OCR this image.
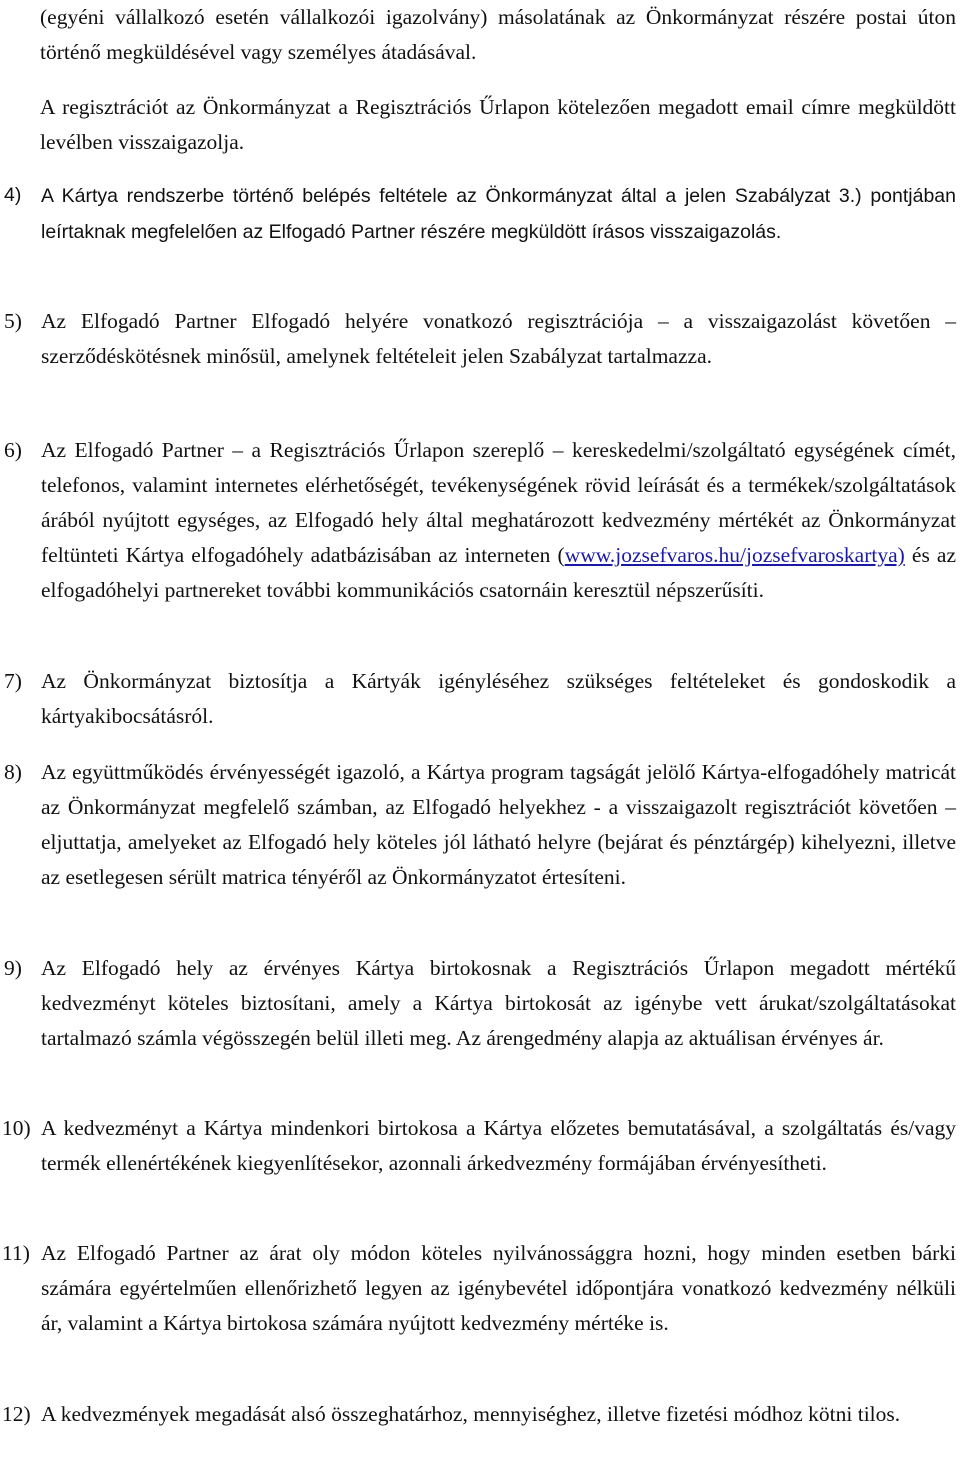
(egyéni vállalkozó esetén vállalkozói igazolvány) másolatának az Önkormányzat részére postai úton történő megküldésével vagy személyes átadásával.

A regisztrációt az Önkormányzat a Regisztrációs Űrlapon kötelezően megadott email címre megküldött levélben visszaigazolja.

4) A Kártya rendszerbe történő belépés feltétele az Önkormányzat által a jelen Szabályzat 3.) pontjában leírtaknak megfelelően az Elfogadó Partner részére megküldött írásos visszaigazolás.
5) Az Elfogadó Partner Elfogadó helyére vonatkozó regisztrációja – a visszaigazolást követően – szerződéskötésnek minősül, amelynek feltételeit jelen Szabályzat tartalmazza.
6) Az Elfogadó Partner – a Regisztrációs Űrlapon szereplő – kereskedelmi/szolgáltató egységének címét, telefonos, valamint internetes elérhetőségét, tevékenységének rövid leírását és a termékek/szolgáltatások árából nyújtott egységes, az Elfogadó hely által meghatározott kedvezmény mértékét az Önkormányzat feltünteti Kártya elfogadóhely adatbázisában az interneten (www.jozsefvaros.hu/jozsefvaroskartya) és az elfogadóhelyi partnereket további kommunikációs csatornáin keresztül népszerűsíti.
7) Az Önkormányzat biztosítja a Kártyák igényléséhez szükséges feltételeket és gondoskodik a kártyakibocsátásról.
8) Az együttműködés érvényességét igazoló, a Kártya program tagságát jelölő Kártya-elfogadóhely matricát az Önkormányzat megfelelő számban, az Elfogadó helyekhez - a visszaigazolt regisztrációt követően – eljuttatja, amelyeket az Elfogadó hely köteles jól látható helyre (bejárat és pénztárgép) kihelyezni, illetve az esetlegesen sérült matrica tényéről az Önkormányzatot értesíteni.
9) Az Elfogadó hely az érvényes Kártya birtokosnak a Regisztrációs Űrlapon megadott mértékű kedvezményt köteles biztosítani, amely a Kártya birtokosát az igénybe vett árukat/szolgáltatásokat tartalmazó számla végösszegén belül illeti meg. Az árengedmény alapja az aktuálisan érvényes ár.
10) A kedvezményt a Kártya mindenkori birtokosa a Kártya előzetes bemutatásával, a szolgáltatás és/vagy termék ellenértékének kiegyenlítésekor, azonnali árkedvezmény formájában érvényesítheti.
11) Az Elfogadó Partner az árat oly módon köteles nyilvánossággra hozni, hogy minden esetben bárki számára egyértelműen ellenőrizhető legyen az igénybevétel időpontjára vonatkozó kedvezmény nélküli ár, valamint a Kártya birtokosa számára nyújtott kedvezmény mértéke is.
12) A kedvezmények megadását alsó összeghatárhoz, mennyiséghez, illetve fizetési módhoz kötni tilos.
